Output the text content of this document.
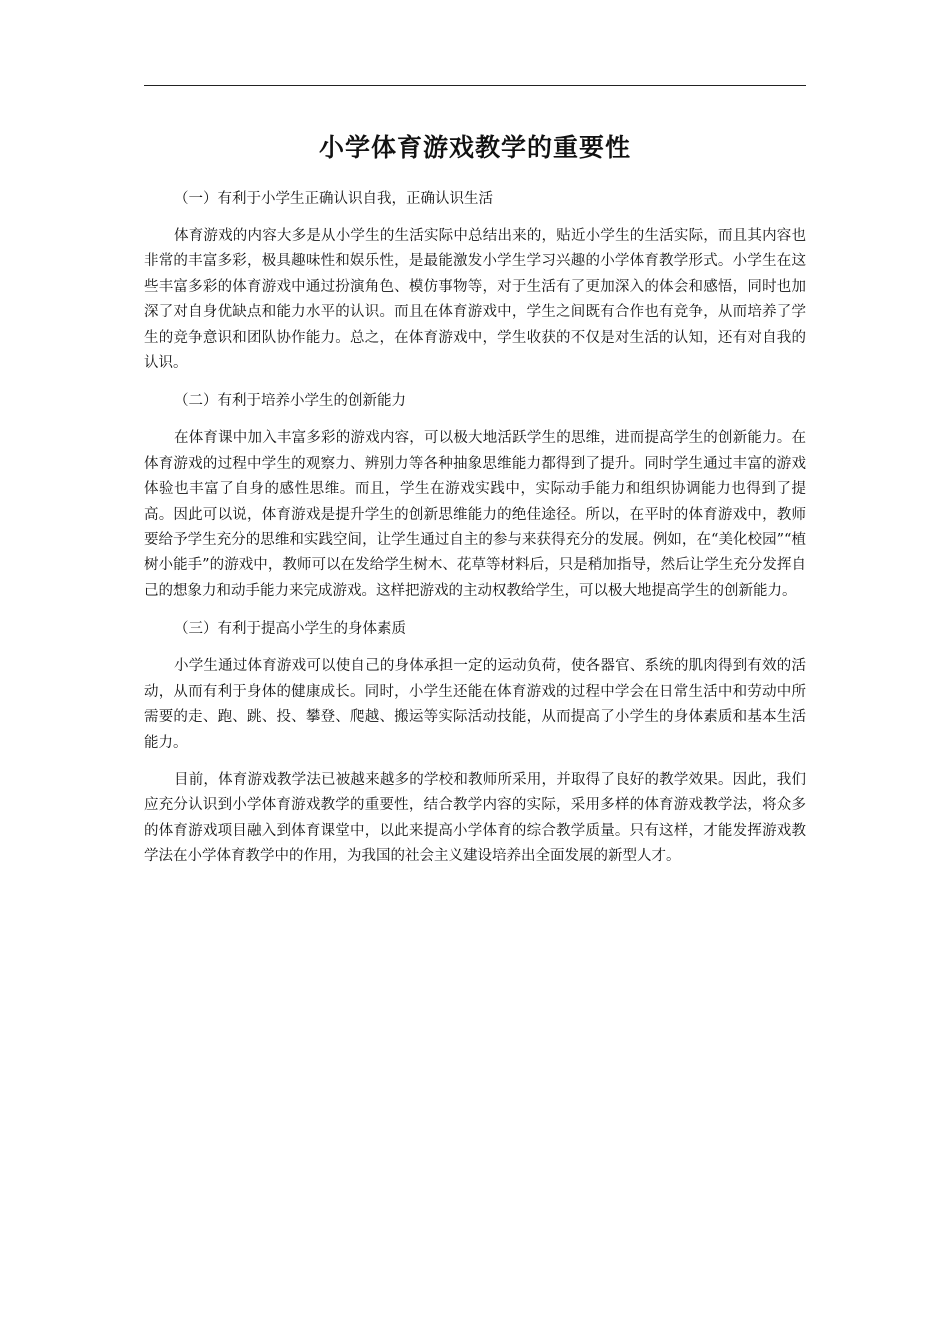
小学体育游戏教学的重要性

（一）有利于小学生正确认识自我，正确认识生活

体育游戏的内容大多是从小学生的生活实际中总结出来的，贴近小学生的生活实际，而且其内容也非常的丰富多彩，极具趣味性和娱乐性，是最能激发小学生学习兴趣的小学体育教学形式。小学生在这些丰富多彩的体育游戏中通过扮演角色、模仿事物等，对于生活有了更加深入的体会和感悟，同时也加深了对自身优缺点和能力水平的认识。而且在体育游戏中，学生之间既有合作也有竞争，从而培养了学生的竞争意识和团队协作能力。总之，在体育游戏中，学生收获的不仅是对生活的认知，还有对自我的认识。

（二）有利于培养小学生的创新能力

在体育课中加入丰富多彩的游戏内容，可以极大地活跃学生的思维，进而提高学生的创新能力。在体育游戏的过程中学生的观察力、辨别力等各种抽象思维能力都得到了提升。同时学生通过丰富的游戏体验也丰富了自身的感性思维。而且，学生在游戏实践中，实际动手能力和组织协调能力也得到了提高。因此可以说，体育游戏是提升学生的创新思维能力的绝佳途径。所以，在平时的体育游戏中，教师要给予学生充分的思维和实践空间，让学生通过自主的参与来获得充分的发展。例如，在“美化校园”“植树小能手”的游戏中，教师可以在发给学生树木、花草等材料后，只是稍加指导，然后让学生充分发挥自己的想象力和动手能力来完成游戏。这样把游戏的主动权教给学生，可以极大地提高学生的创新能力。

（三）有利于提高小学生的身体素质

小学生通过体育游戏可以使自己的身体承担一定的运动负荷，使各器官、系统的肌肉得到有效的活动，从而有利于身体的健康成长。同时，小学生还能在体育游戏的过程中学会在日常生活中和劳动中所需要的走、跑、跳、投、攀登、爬越、搬运等实际活动技能，从而提高了小学生的身体素质和基本生活能力。

目前，体育游戏教学法已被越来越多的学校和教师所采用，并取得了良好的教学效果。因此，我们应充分认识到小学体育游戏教学的重要性，结合教学内容的实际，采用多样的体育游戏教学法，将众多的体育游戏项目融入到体育课堂中，以此来提高小学体育的综合教学质量。只有这样，才能发挥游戏教学法在小学体育教学中的作用，为我国的社会主义建设培养出全面发展的新型人才。
